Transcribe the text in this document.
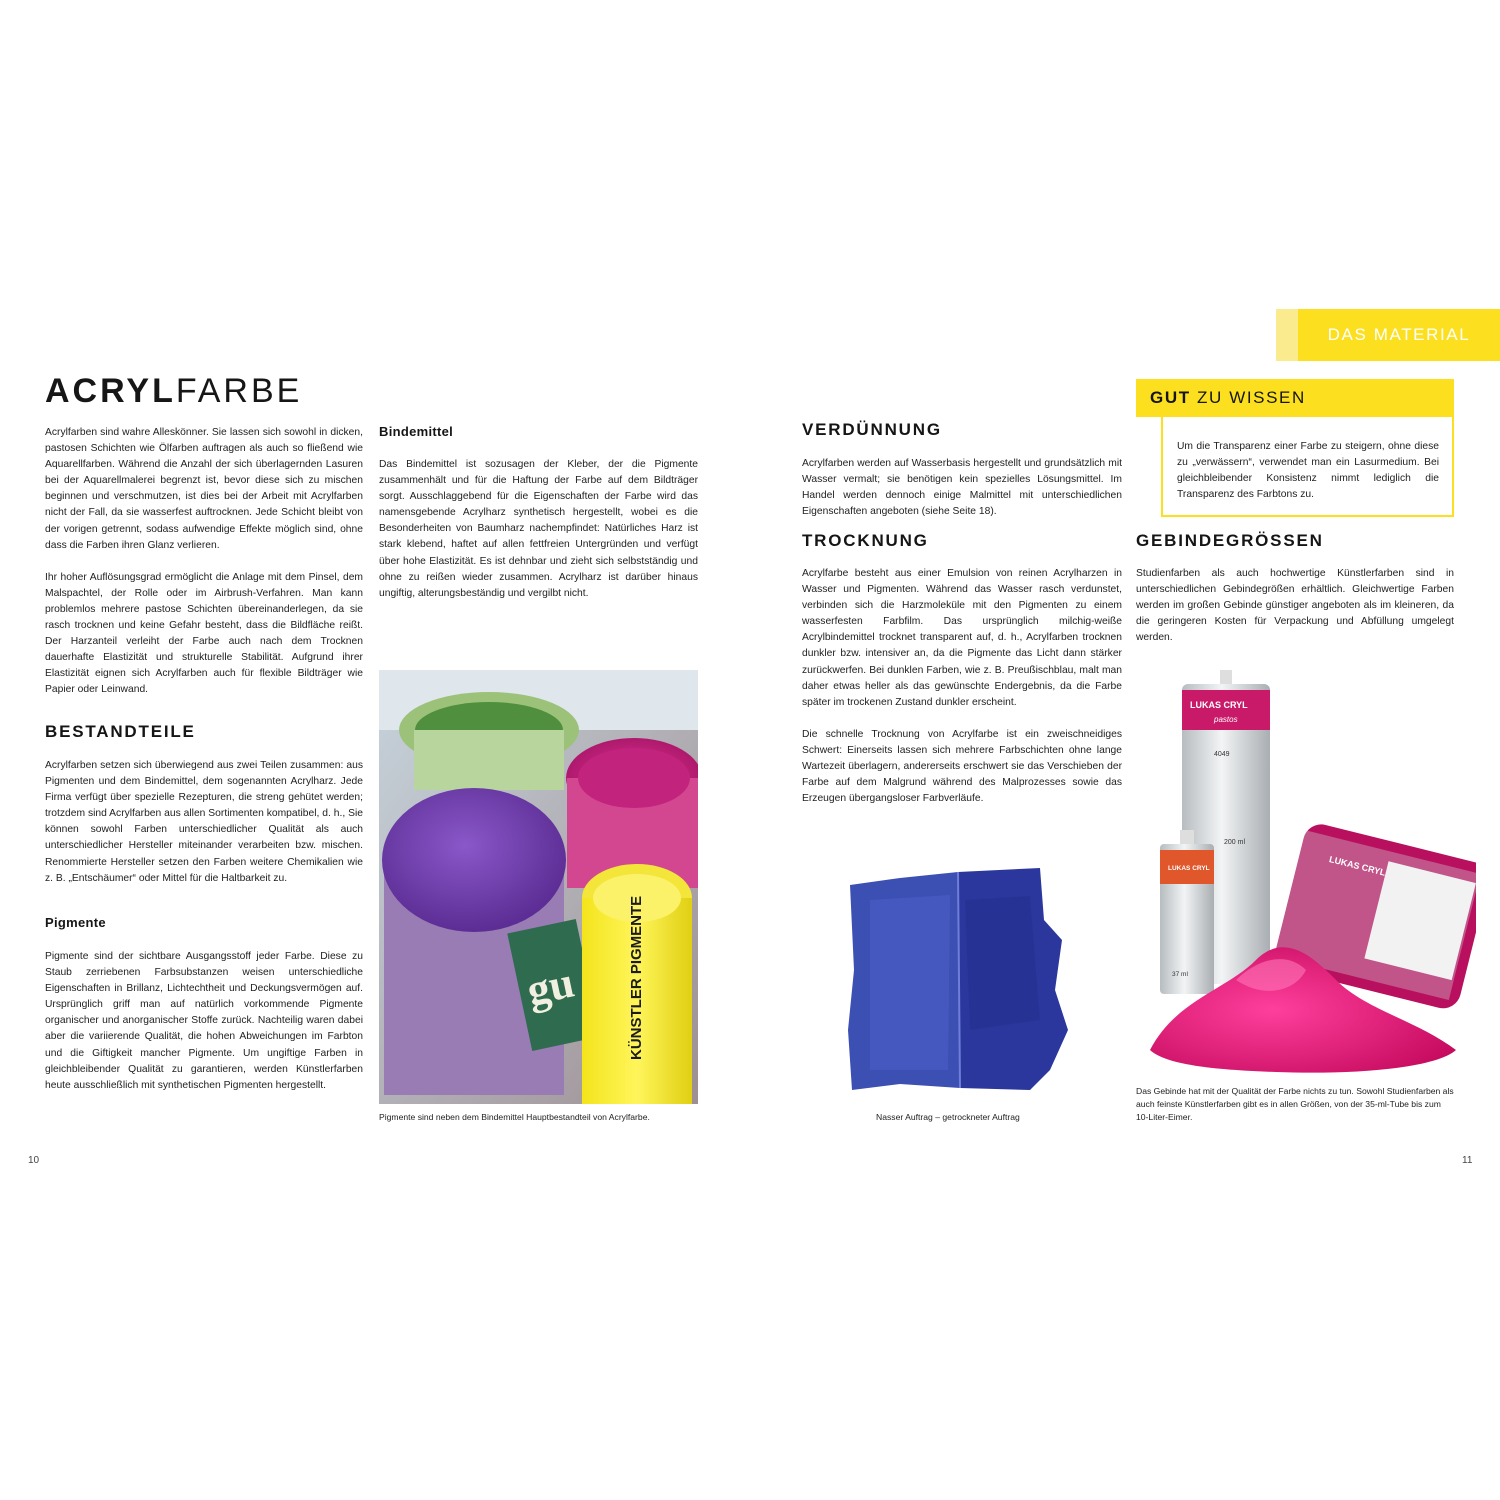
DAS MATERIAL
ACRYLFARBE

Acrylfarben sind wahre Alleskönner. Sie lassen sich sowohl in dicken, pastosen Schichten wie Ölfarben auftragen als auch so fließend wie Aquarellfarben. Während die Anzahl der sich überlagernden Lasuren bei der Aquarellmalerei begrenzt ist, bevor diese sich zu mischen beginnen und verschmutzen, ist dies bei der Arbeit mit Acrylfarben nicht der Fall, da sie wasserfest auftrocknen. Jede Schicht bleibt von der vorigen getrennt, sodass aufwendige Effekte möglich sind, ohne dass die Farben ihren Glanz verlieren.

Ihr hoher Auflösungsgrad ermöglicht die Anlage mit dem Pinsel, dem Malspachtel, der Rolle oder im Airbrush-Verfahren. Man kann problemlos mehrere pastose Schichten übereinanderlegen, da sie rasch trocknen und keine Gefahr besteht, dass die Bildfläche reißt. Der Harzanteil verleiht der Farbe auch nach dem Trocknen dauerhafte Elastizität und strukturelle Stabilität. Aufgrund ihrer Elastizität eignen sich Acrylfarben auch für flexible Bildträger wie Papier oder Leinwand.

BESTANDTEILE
Acrylfarben setzen sich überwiegend aus zwei Teilen zusammen: aus Pigmenten und dem Bindemittel, dem sogenannten Acrylharz. Jede Firma verfügt über spezielle Rezepturen, die streng gehütet werden; trotzdem sind Acrylfarben aus allen Sortimenten kompatibel, d. h., Sie können sowohl Farben unterschiedlicher Qualität als auch unterschiedlicher Hersteller miteinander verarbeiten bzw. mischen. Renommierte Hersteller setzen den Farben weitere Chemikalien wie z. B. „Entschäumer“ oder Mittel für die Haltbarkeit zu.
Pigmente
Pigmente sind der sichtbare Ausgangsstoff jeder Farbe. Diese zu Staub zerriebenen Farbsubstanzen weisen unterschiedliche Eigenschaften in Brillanz, Lichtechtheit und Deckungsvermögen auf. Ursprünglich griff man auf natürlich vorkommende Pigmente organischer und anorganischer Stoffe zurück. Nachteilig waren dabei aber die variierende Qualität, die hohen Abweichungen im Farbton und die Giftigkeit mancher Pigmente. Um ungiftige Farben in gleichbleibender Qualität zu garantieren, werden Künstlerfarben heute ausschließlich mit synthetischen Pigmenten hergestellt.
Bindemittel
Das Bindemittel ist sozusagen der Kleber, der die Pigmente zusammenhält und für die Haftung der Farbe auf dem Bildträger sorgt. Ausschlaggebend für die Eigenschaften der Farbe wird das namensgebende Acrylharz synthetisch hergestellt, wobei es die Besonderheiten von Baumharz nachempfindet: Natürliches Harz ist stark klebend, haftet auf allen fettfreien Untergründen und verfügt über hohe Elastizität. Es ist dehnbar und zieht sich selbstständig und ohne zu reißen wieder zusammen. Acrylharz ist darüber hinaus ungiftig, alterungsbeständig und vergilbt nicht.
gu	KÜNSTLER PIGMENTE
Pigmente sind neben dem Bindemittel Hauptbestandteil von Acrylfarbe.
VERDÜNNUNG
Acrylfarben werden auf Wasserbasis hergestellt und grundsätzlich mit Wasser vermalt; sie benötigen kein spezielles Lösungsmittel. Im Handel werden dennoch einige Malmittel mit unterschiedlichen Eigenschaften angeboten (siehe Seite 18).
TROCKNUNG

Acrylfarbe besteht aus einer Emulsion von reinen Acrylharzen in Wasser und Pigmenten. Während das Wasser rasch verdunstet, verbinden sich die Harzmoleküle mit den Pigmenten zu einem wasserfesten Farbfilm. Das ursprünglich milchig-weiße Acrylbindemittel trocknet transparent auf, d. h., Acrylfarben trocknen dunkler bzw. intensiver an, da die Pigmente das Licht dann stärker zurückwerfen. Bei dunklen Farben, wie z. B. Preußischblau, malt man daher etwas heller als das gewünschte Endergebnis, da die Farbe später im trockenen Zustand dunkler erscheint.

Die schnelle Trocknung von Acrylfarbe ist ein zweischneidiges Schwert: Einerseits lassen sich mehrere Farbschichten ohne lange Wartezeit überlagern, andererseits erschwert sie das Verschieben der Farbe auf dem Malgrund während des Malprozesses sowie das Erzeugen übergangsloser Farbverläufe.

Nasser Auftrag – getrockneter Auftrag
GUT ZU WISSEN
Um die Transparenz einer Farbe zu steigern, ohne diese zu „verwässern“, verwendet man ein Lasurmedium. Bei gleichbleibender Konsistenz nimmt lediglich die Transparenz des Farbtons zu.
GEBINDEGRÖSSEN
Studienfarben als auch hochwertige Künstlerfarben sind in unterschiedlichen Gebindegrößen erhältlich. Gleichwertige Farben werden im großen Gebinde günstiger angeboten als im kleineren, da die geringeren Kosten für Verpackung und Abfüllung umgelegt werden.
LUKAS CRYL
pastos
4049
200 ml
LUKAS CRYL
37 ml
LUKAS CRYL
Das Gebinde hat mit der Qualität der Farbe nichts zu tun. Sowohl Studienfarben als auch feinste Künstlerfarben gibt es in allen Größen, von der 35-ml-Tube bis zum 10-Liter-Eimer.
10	11
